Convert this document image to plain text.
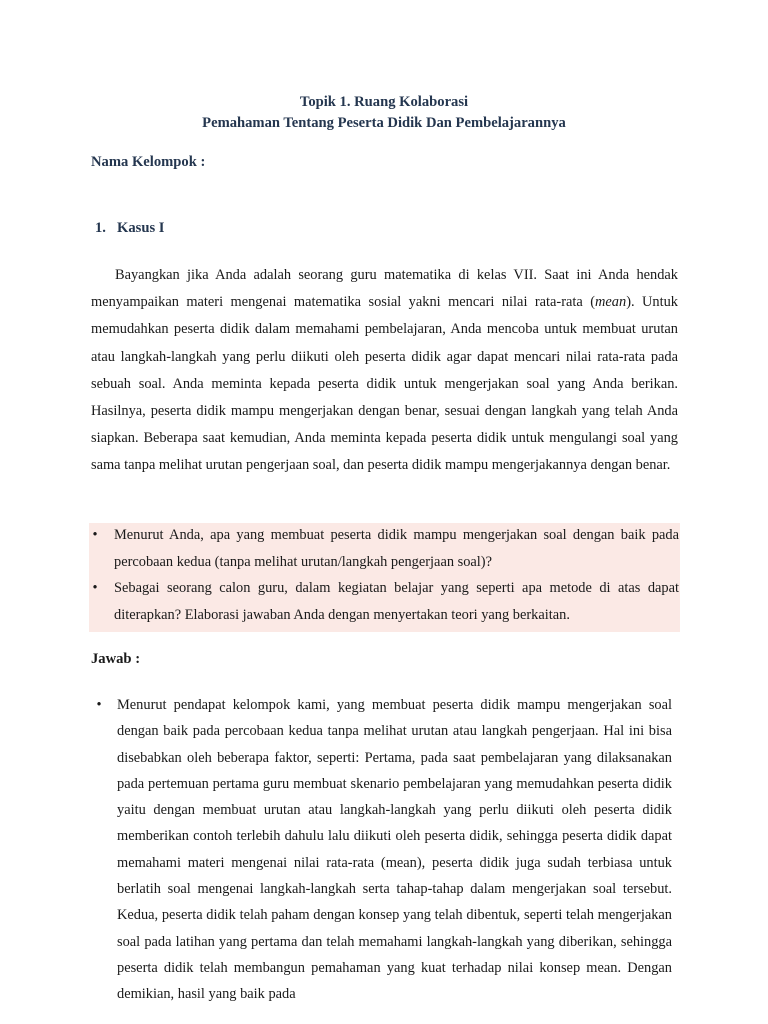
Topik 1. Ruang Kolaborasi
Pemahaman Tentang Peserta Didik Dan Pembelajarannya
Nama Kelompok :
1. Kasus I
Bayangkan jika Anda adalah seorang guru matematika di kelas VII. Saat ini Anda hendak menyampaikan materi mengenai matematika sosial yakni mencari nilai rata-rata (mean). Untuk memudahkan peserta didik dalam memahami pembelajaran, Anda mencoba untuk membuat urutan atau langkah-langkah yang perlu diikuti oleh peserta didik agar dapat mencari nilai rata-rata pada sebuah soal. Anda meminta kepada peserta didik untuk mengerjakan soal yang Anda berikan. Hasilnya, peserta didik mampu mengerjakan dengan benar, sesuai dengan langkah yang telah Anda siapkan. Beberapa saat kemudian, Anda meminta kepada peserta didik untuk mengulangi soal yang sama tanpa melihat urutan pengerjaan soal, dan peserta didik mampu mengerjakannya dengan benar.
• Menurut Anda, apa yang membuat peserta didik mampu mengerjakan soal dengan baik pada percobaan kedua (tanpa melihat urutan/langkah pengerjaan soal)?
• Sebagai seorang calon guru, dalam kegiatan belajar yang seperti apa metode di atas dapat diterapkan? Elaborasi jawaban Anda dengan menyertakan teori yang berkaitan.
Jawab :
• Menurut pendapat kelompok kami, yang membuat peserta didik mampu mengerjakan soal dengan baik pada percobaan kedua tanpa melihat urutan atau langkah pengerjaan. Hal ini bisa disebabkan oleh beberapa faktor, seperti: Pertama, pada saat pembelajaran yang dilaksanakan pada pertemuan pertama guru membuat skenario pembelajaran yang memudahkan peserta didik yaitu dengan membuat urutan atau langkah-langkah yang perlu diikuti oleh peserta didik memberikan contoh terlebih dahulu lalu diikuti oleh peserta didik, sehingga peserta didik dapat memahami materi mengenai nilai rata-rata (mean), peserta didik juga sudah terbiasa untuk berlatih soal mengenai langkah-langkah serta tahap-tahap dalam mengerjakan soal tersebut. Kedua, peserta didik telah paham dengan konsep yang telah dibentuk, seperti telah mengerjakan soal pada latihan yang pertama dan telah memahami langkah-langkah yang diberikan, sehingga peserta didik telah membangun pemahaman yang kuat terhadap nilai konsep mean. Dengan demikian, hasil yang baik pada
